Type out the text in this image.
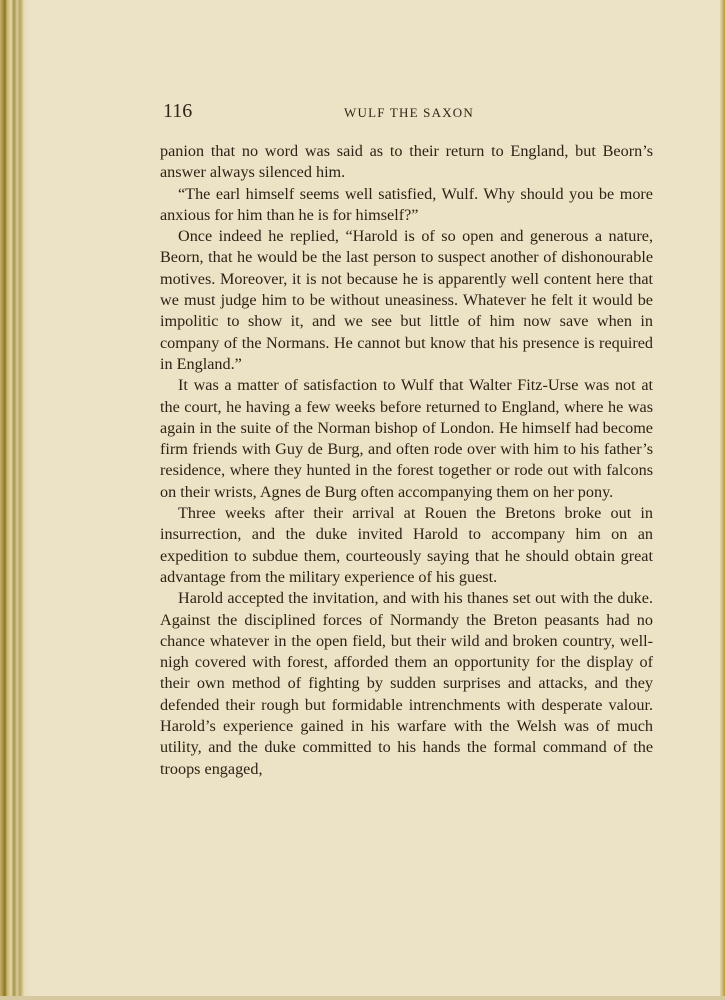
116	WULF THE SAXON

panion that no word was said as to their return to England, but Beorn’s answer always silenced him.

“The earl himself seems well satisfied, Wulf. Why should you be more anxious for him than he is for himself?”

Once indeed he replied, “Harold is of so open and generous a nature, Beorn, that he would be the last person to suspect another of dishonourable motives. Moreover, it is not because he is apparently well content here that we must judge him to be without uneasiness. Whatever he felt it would be impolitic to show it, and we see but little of him now save when in company of the Normans. He cannot but know that his presence is required in England.”

It was a matter of satisfaction to Wulf that Walter Fitz-Urse was not at the court, he having a few weeks before returned to England, where he was again in the suite of the Norman bishop of London. He himself had become firm friends with Guy de Burg, and often rode over with him to his father’s residence, where they hunted in the forest together or rode out with falcons on their wrists, Agnes de Burg often accompanying them on her pony.

Three weeks after their arrival at Rouen the Bretons broke out in insurrection, and the duke invited Harold to accompany him on an expedition to subdue them, courteously saying that he should obtain great advantage from the military experience of his guest.

Harold accepted the invitation, and with his thanes set out with the duke. Against the disciplined forces of Normandy the Breton peasants had no chance whatever in the open field, but their wild and broken country, well-nigh covered with forest, afforded them an opportunity for the display of their own method of fighting by sudden surprises and attacks, and they defended their rough but formidable intrenchments with desperate valour. Harold’s experience gained in his warfare with the Welsh was of much utility, and the duke committed to his hands the formal command of the troops engaged,
